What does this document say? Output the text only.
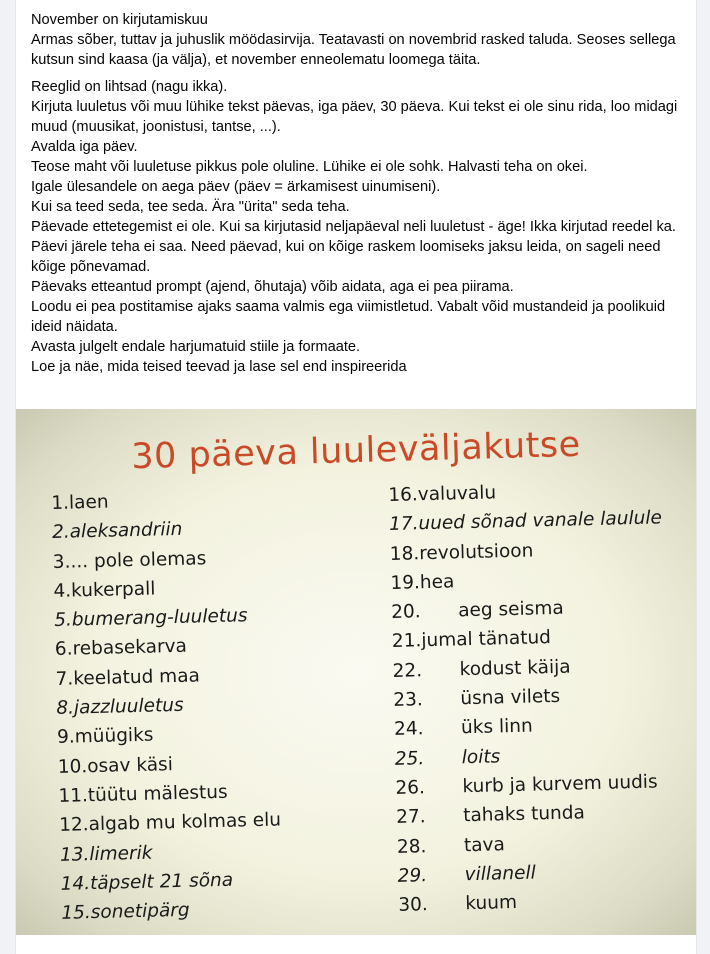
November on kirjutamiskuu

Armas sõber, tuttav ja juhuslik möödasirvija. Teatavasti on novembrid rasked taluda. Seoses sellega kutsun sind kaasa (ja välja), et november enneolematu loomega täita.

Reeglid on lihtsad (nagu ikka).

Kirjuta luuletus või muu lühike tekst päevas, iga päev, 30 päeva. Kui tekst ei ole sinu rida, loo midagi muud (muusikat, joonistusi, tantse, ...).

Avalda iga päev.

Teose maht või luuletuse pikkus pole oluline. Lühike ei ole sohk. Halvasti teha on okei.

Igale ülesandele on aega päev (päev = ärkamisest uinumiseni).

Kui sa teed seda, tee seda. Ära "ürita" seda teha.

Päevade ettetegemist ei ole. Kui sa kirjutasid neljapäeval neli luuletust - äge! Ikka kirjutad reedel ka.

Päevi järele teha ei saa. Need päevad, kui on kõige raskem loomiseks jaksu leida, on sageli need kõige põnevamad.

Päevaks etteantud prompt (ajend, õhutaja) võib aidata, aga ei pea piirama.

Loodu ei pea postitamise ajaks saama valmis ega viimistletud. Vabalt võid mustandeid ja poolikuid ideid näidata.

Avasta julgelt endale harjumatuid stiile ja formaate.

Loe ja näe, mida teised teevad ja lase sel end inspireerida

30 päeva luuleväljakutse
1.laen
2.aleksandriin
3.... pole olemas
4.kukerpall
5.bumerang-luuletus
6.rebasekarva
7.keelatud maa
8.jazzluuletus
9.müügiks
10.osav käsi
11.tüütu mälestus
12.algab mu kolmas elu
13.limerik
14.täpselt 21 sõna
15.sonetipärg
16.valuvalu
17.uued sõnad vanale laulule
18.revolutsioon
19.hea
20. aeg seisma
21.jumal tänatud
22. kodust käija
23. üsna vilets
24. üks linn
25. loits
26. kurb ja kurvem uudis
27. tahaks tunda
28. tava
29. villanell
30. kuum
